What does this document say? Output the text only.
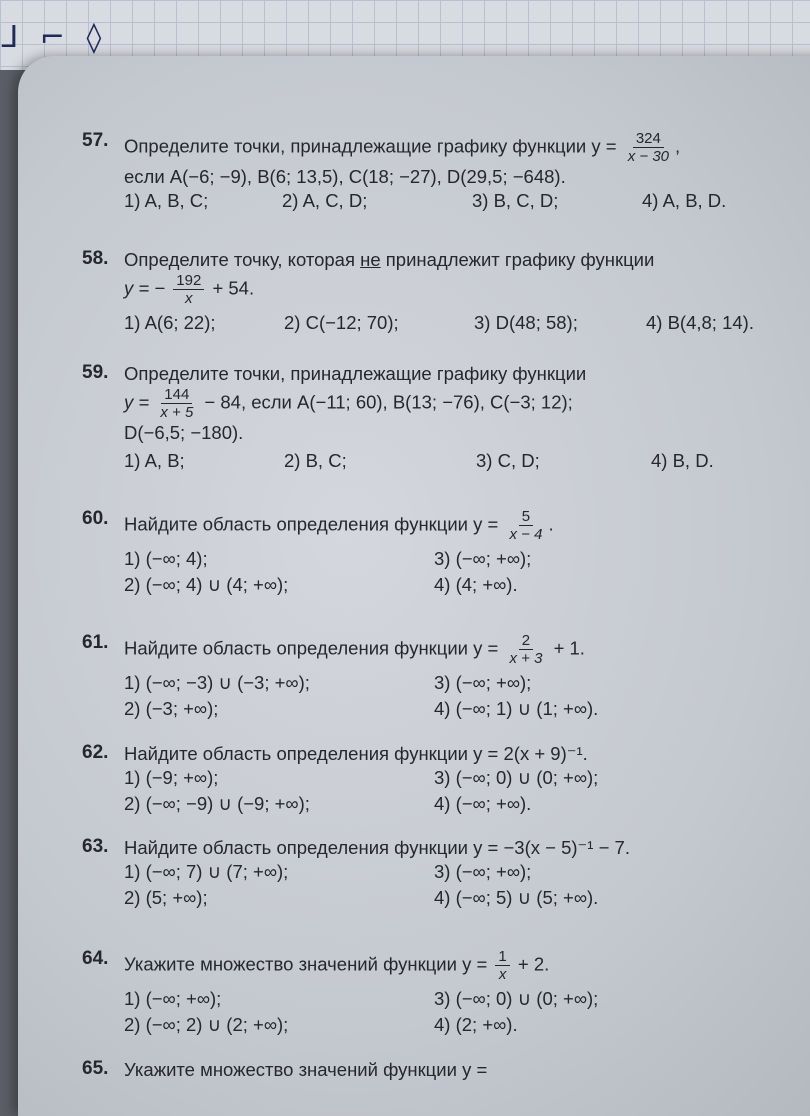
ᒧ ⌐ ◊
57. Определите точки, принадлежащие графику функции $y = \frac{324}{x - 30}$ ,
если A(−6; −9), B(6; 13,5), C(18; −27), D(29,5; −648).
1) A, B, C;	2) A, C, D;	3) B, C, D;	4) A, B, D.
58. Определите точку, которая не принадлежит графику функции
y = − $\frac{192}{x} + 54$.
1) A(6; 22);	2) C(−12; 70);	3) D(48; 58);	4) B(4,8; 14).
59. Определите точки, принадлежащие графику функции
$y = \frac{144}{x + 5} - 84$, если A(−11; 60), B(13; −76), C(−3; 12);
D(−6,5; −180).
1) A, B;	2) B, C;	3) C, D;	4) B, D.
60. Найдите область определения функции $y = \frac{5}{x - 4}$ .
1) (−∞; 4);	3) (−∞; +∞);
2) (−∞; 4) ∪ (4; +∞);	4) (4; +∞).
61. Найдите область определения функции $y = \frac{2}{x + 3} + 1$.
1) (−∞; −3) ∪ (−3; +∞);	3) (−∞; +∞);
2) (−3; +∞);	4) (−∞; 1) ∪ (1; +∞).
62. Найдите область определения функции y = 2(x + 9)⁻¹.
1) (−9; +∞);	3) (−∞; 0) ∪ (0; +∞);
2) (−∞; −9) ∪ (−9; +∞);	4) (−∞; +∞).
63. Найдите область определения функции y = −3(x − 5)⁻¹ − 7.
1) (−∞; 7) ∪ (7; +∞);	3) (−∞; +∞);
2) (5; +∞);	4) (−∞; 5) ∪ (5; +∞).
64. Укажите множество значений функции $y = \frac{1}{x} + 2$.
1) (−∞; +∞);	3) (−∞; 0) ∪ (0; +∞);
2) (−∞; 2) ∪ (2; +∞);	4) (2; +∞).
65. Укажите множество значений функции y =
